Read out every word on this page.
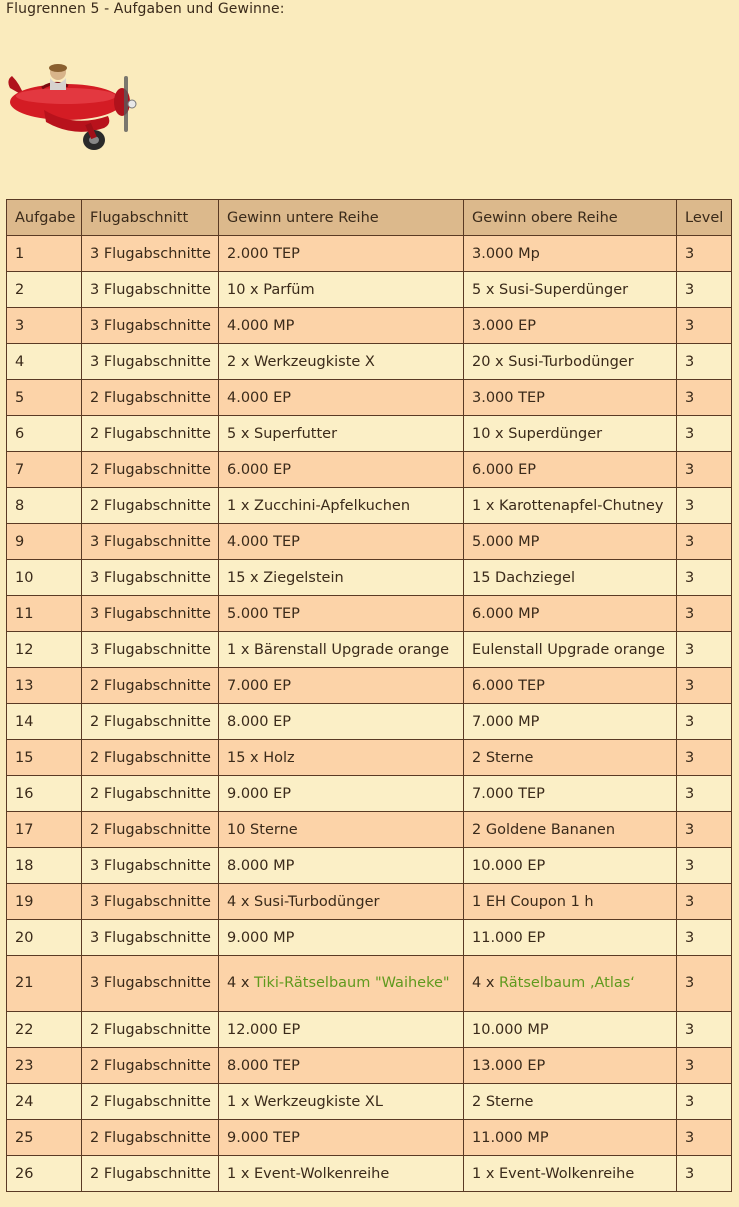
Flugrennen 5 - Aufgaben und Gewinne:
Aufgabe	Flugabschnitt	Gewinn untere Reihe	Gewinn obere Reihe	Level
1	3 Flugabschnitte	2.000 TEP	3.000 Mp	3
2	3 Flugabschnitte	10 x Parfüm	5 x Susi-Superdünger	3
3	3 Flugabschnitte	4.000 MP	3.000 EP	3
4	3 Flugabschnitte	2 x Werkzeugkiste X	20 x Susi-Turbodünger	3
5	2 Flugabschnitte	4.000 EP	3.000 TEP	3
6	2 Flugabschnitte	5 x Superfutter	10 x Superdünger	3
7	2 Flugabschnitte	6.000 EP	6.000 EP	3
8	2 Flugabschnitte	1 x Zucchini-Apfelkuchen	1 x Karottenapfel-Chutney	3
9	3 Flugabschnitte	4.000 TEP	5.000 MP	3
10	3 Flugabschnitte	15 x Ziegelstein	15 Dachziegel	3
11	3 Flugabschnitte	5.000 TEP	6.000 MP	3
12	3 Flugabschnitte	1 x Bärenstall Upgrade orange	Eulenstall Upgrade orange	3
13	2 Flugabschnitte	7.000 EP	6.000 TEP	3
14	2 Flugabschnitte	8.000 EP	7.000 MP	3
15	2 Flugabschnitte	15 x Holz	2 Sterne	3
16	2 Flugabschnitte	9.000 EP	7.000 TEP	3
17	2 Flugabschnitte	10 Sterne	2 Goldene Bananen	3
18	3 Flugabschnitte	8.000 MP	10.000 EP	3
19	3 Flugabschnitte	4 x Susi-Turbodünger	1 EH Coupon 1 h	3
20	3 Flugabschnitte	9.000 MP	11.000 EP	3
21	3 Flugabschnitte	4 x Tiki-Rätselbaum "Waiheke"	4 x Rätselbaum ‚Atlas‘	3
22	2 Flugabschnitte	12.000 EP	10.000 MP	3
23	2 Flugabschnitte	8.000 TEP	13.000 EP	3
24	2 Flugabschnitte	1 x Werkzeugkiste XL	2 Sterne	3
25	2 Flugabschnitte	9.000 TEP	11.000 MP	3
26	2 Flugabschnitte	1 x Event-Wolkenreihe	1 x Event-Wolkenreihe	3
